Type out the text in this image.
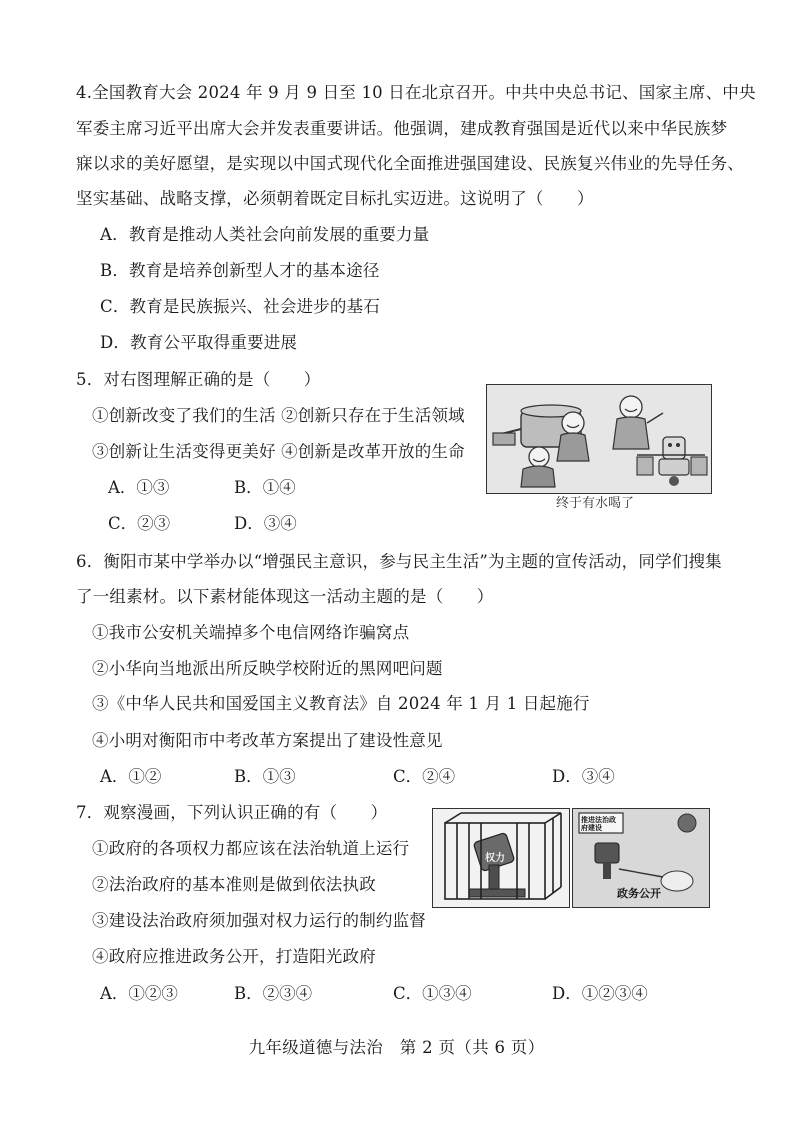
4.全国教育大会 2024 年 9 月 9 日至 10 日在北京召开。中共中央总书记、国家主席、中央
军委主席习近平出席大会并发表重要讲话。他强调，建成教育强国是近代以来中华民族梦
寐以求的美好愿望，是实现以中国式现代化全面推进强国建设、民族复兴伟业的先导任务、
坚实基础、战略支撑，必须朝着既定目标扎实迈进。这说明了（　　）
A．教育是推动人类社会向前发展的重要力量
B．教育是培养创新型人才的基本途径
C．教育是民族振兴、社会进步的基石
D．教育公平取得重要进展
5．对右图理解正确的是（　　）
①创新改变了我们的生活 ②创新只存在于生活领域
③创新让生活变得更美好 ④创新是改革开放的生命
A．①③	B．①④
C．②③	D．③④
终于有水喝了
6．衡阳市某中学举办以“增强民主意识，参与民主生活”为主题的宣传活动，同学们搜集
了一组素材。以下素材能体现这一活动主题的是（　　）
①我市公安机关端掉多个电信网络诈骗窝点
②小华向当地派出所反映学校附近的黑网吧问题
③《中华人民共和国爱国主义教育法》自 2024 年 1 月 1 日起施行
④小明对衡阳市中考改革方案提出了建设性意见
A．①②	B．①③	C．②④	D．③④
7．观察漫画，下列认识正确的有（　　）
①政府的各项权力都应该在法治轨道上运行
②法治政府的基本准则是做到依法执政
③建设法治政府须加强对权力运行的制约监督
④政府应推进政务公开，打造阳光政府
A．①②③	B．②③④	C．①③④	D．①②③④
权力
推进法治政府建设
政务公开
九年级道德与法治　第 2 页（共 6 页）
